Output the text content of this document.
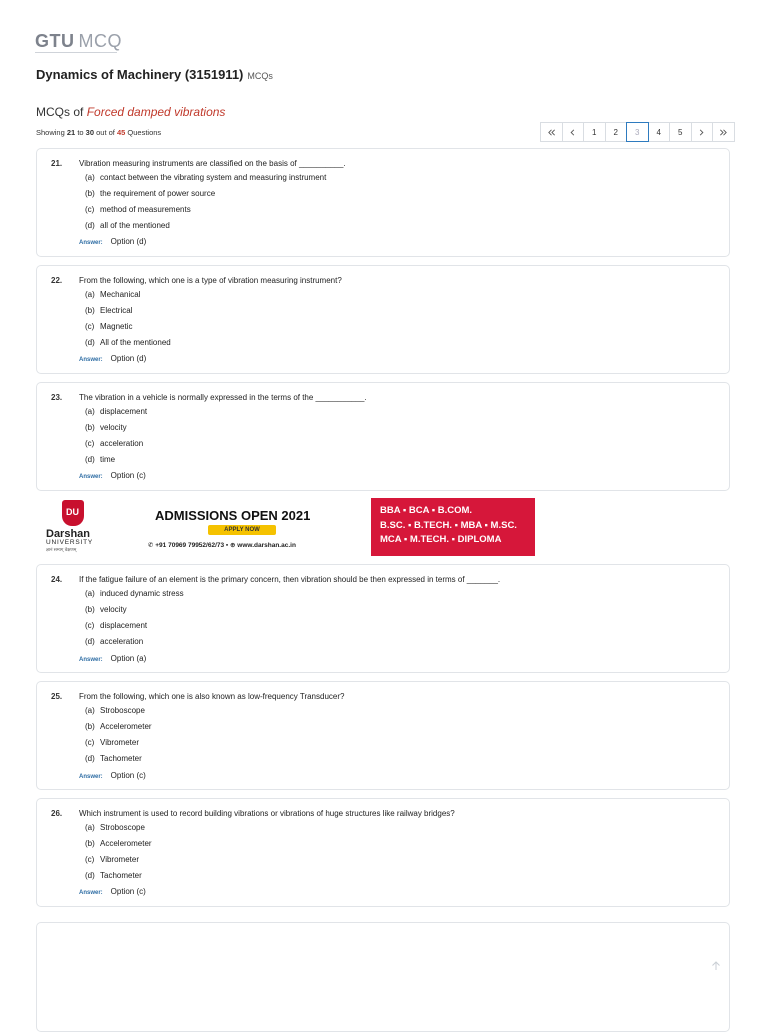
GTU MCQ
Dynamics of Machinery (3151911) MCQs
MCQs of Forced damped vibrations
Showing 21 to 30 out of 45 Questions	1	2	3	4	5
21. Vibration measuring instruments are classified on the basis of __________.
(a) contact between the vibrating system and measuring instrument
(b) the requirement of power source
(c) method of measurements
(d) all of the mentioned
Answer: Option (d)
22. From the following, which one is a type of vibration measuring instrument?
(a) Mechanical
(b) Electrical
(c) Magnetic
(d) All of the mentioned
Answer: Option (d)
23. The vibration in a vehicle is normally expressed in the terms of the ___________.
(a) displacement
(b) velocity
(c) acceleration
(d) time
Answer: Option (c)
DU
Darshan
UNIVERSITY
ज्ञानं सम्यग् वेक्षणम्
ADMISSIONS OPEN 2021
APPLY NOW
✆ +91 70969 79952/62/73 ▪ ⊕ www.darshan.ac.in
BBA ▪ BCA ▪ B.COM.
B.SC. ▪ B.TECH. ▪ MBA ▪ M.SC.
MCA ▪ M.TECH. ▪ DIPLOMA
24. If the fatigue failure of an element is the primary concern, then vibration should be then expressed in terms of _______.
(a) induced dynamic stress
(b) velocity
(c) displacement
(d) acceleration
Answer: Option (a)
25. From the following, which one is also known as low-frequency Transducer?
(a) Stroboscope
(b) Accelerometer
(c) Vibrometer
(d) Tachometer
Answer: Option (c)
26. Which instrument is used to record building vibrations or vibrations of huge structures like railway bridges?
(a) Stroboscope
(b) Accelerometer
(c) Vibrometer
(d) Tachometer
Answer: Option (c)
